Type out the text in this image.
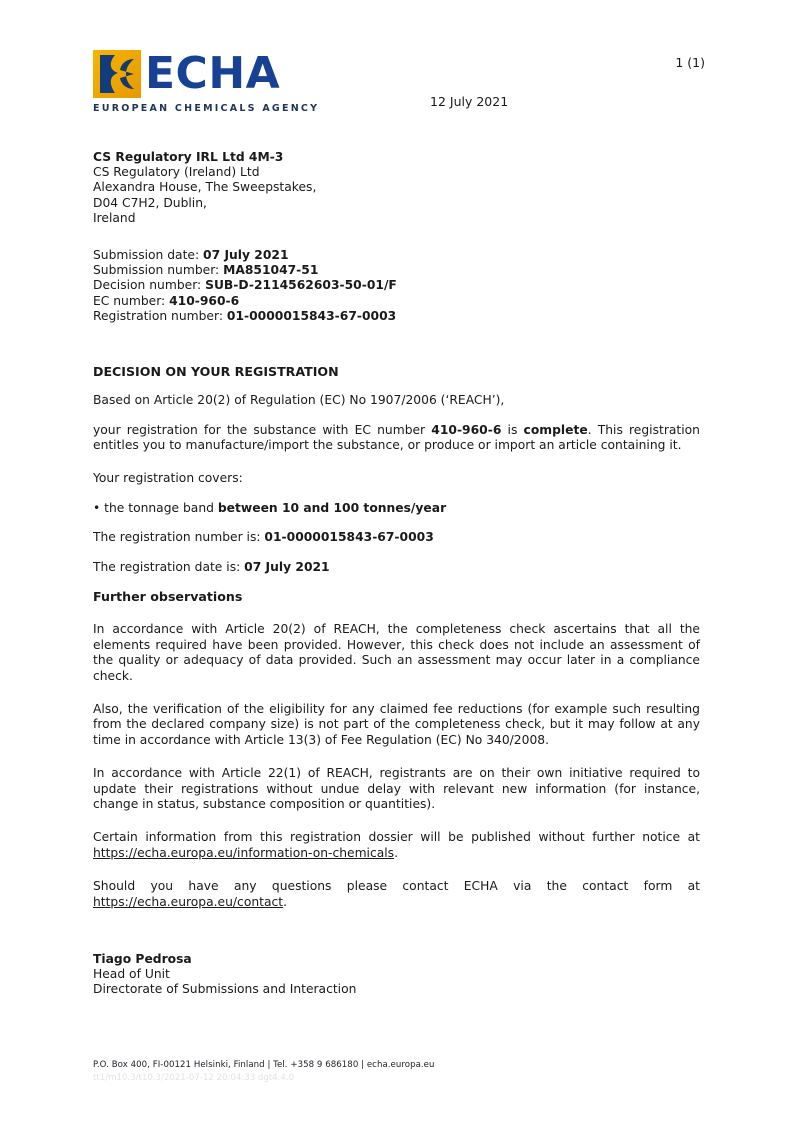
ECHA
EUROPEAN CHEMICALS AGENCY
1 (1)
12 July 2021
CS Regulatory IRL Ltd 4M-3
CS Regulatory (Ireland) Ltd
Alexandra House, The Sweepstakes,
D04 C7H2, Dublin,
Ireland
Submission date: 07 July 2021
Submission number: MA851047-51
Decision number: SUB-D-2114562603-50-01/F
EC number: 410-960-6
Registration number: 01-0000015843-67-0003
DECISION ON YOUR REGISTRATION

Based on Article 20(2) of Regulation (EC) No 1907/2006 (‘REACH’),

your registration for the substance with EC number 410-960-6 is complete. This registration entitles you to manufacture/import the substance, or produce or import an article containing it.

Your registration covers:

• the tonnage band between 10 and 100 tonnes/year
The registration number is: 01-0000015843-67-0003
The registration date is: 07 July 2021
Further observations

In accordance with Article 20(2) of REACH, the completeness check ascertains that all the elements required have been provided. However, this check does not include an assessment of the quality or adequacy of data provided. Such an assessment may occur later in a compliance check.

Also, the verification of the eligibility for any claimed fee reductions (for example such resulting from the declared company size) is not part of the completeness check, but it may follow at any time in accordance with Article 13(3) of Fee Regulation (EC) No 340/2008.

In accordance with Article 22(1) of REACH, registrants are on their own initiative required to update their registrations without undue delay with relevant new information (for instance, change in status, substance composition or quantities).

Certain information from this registration dossier will be published without further notice at https://echa.europa.eu/information-on-chemicals.

Should you have any questions please contact ECHA via the contact form at https://echa.europa.eu/contact.

Tiago Pedrosa
Head of Unit
Directorate of Submissions and Interaction
P.O. Box 400, FI-00121 Helsinki, Finland | Tel. +358 9 686180 | echa.europa.eu
tt1/m10.3/t10.3/2021-07-12 20:04:33 dgt4.4.0
